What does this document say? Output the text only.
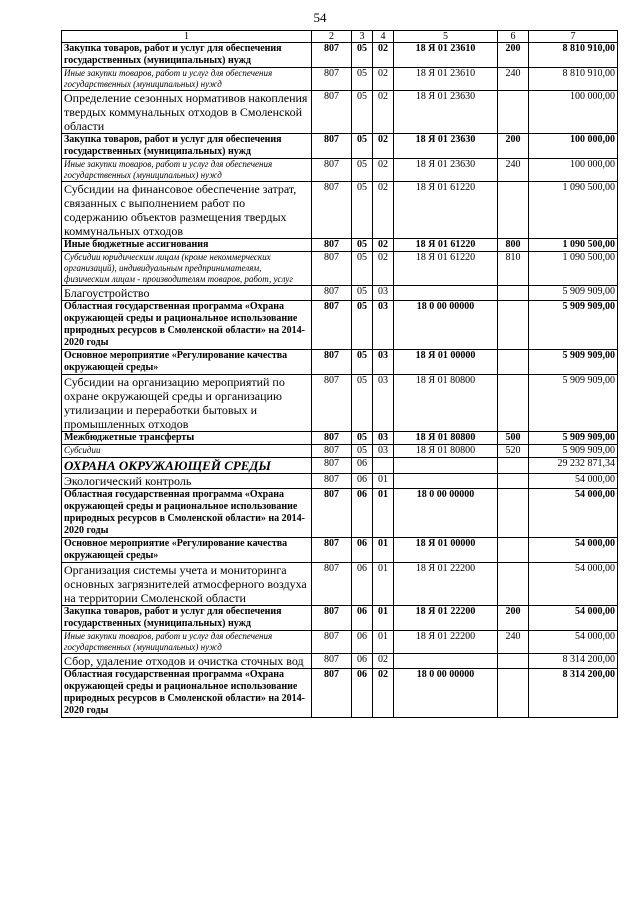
54
1	2	3	4	5	6	7
Закупка товаров, работ и услуг для обеспечения государственных (муниципальных) нужд	807	05	02	18 Я 01 23610	200	8 810 910,00
Иные закупки товаров, работ и услуг для обеспечения государственных (муниципальных) нужд	807	05	02	18 Я 01 23610	240	8 810 910,00
Определение сезонных нормативов накопления твердых коммунальных отходов в Смоленской области	807	05	02	18 Я 01 23630		100 000,00
Закупка товаров, работ и услуг для обеспечения государственных (муниципальных) нужд	807	05	02	18 Я 01 23630	200	100 000,00
Иные закупки товаров, работ и услуг для обеспечения государственных (муниципальных) нужд	807	05	02	18 Я 01 23630	240	100 000,00
Субсидии на финансовое обеспечение затрат, связанных с выполнением работ по содержанию объектов размещения твердых коммунальных отходов	807	05	02	18 Я 01 61220		1 090 500,00
Иные бюджетные ассигнования	807	05	02	18 Я 01 61220	800	1 090 500,00
Субсидии юридическим лицам (кроме некоммерческих организаций), индивидуальным предпринимателям, физическим лицам - производителям товаров, работ, услуг	807	05	02	18 Я 01 61220	810	1 090 500,00
Благоустройство	807	05	03			5 909 909,00
Областная государственная программа «Охрана окружающей среды и рациональное использование природных ресурсов в Смоленской области» на 2014-2020 годы	807	05	03	18 0 00 00000		5 909 909,00
Основное мероприятие «Регулирование качества окружающей среды»	807	05	03	18 Я 01 00000		5 909 909,00
Субсидии на организацию мероприятий по охране окружающей среды и организацию утилизации и переработки бытовых и промышленных отходов	807	05	03	18 Я 01 80800		5 909 909,00
Межбюджетные трансферты	807	05	03	18 Я 01 80800	500	5 909 909,00
Субсидии	807	05	03	18 Я 01 80800	520	5 909 909,00
ОХРАНА ОКРУЖАЮЩЕЙ СРЕДЫ	807	06				29 232 871,34
Экологический контроль	807	06	01			54 000,00
Областная государственная программа «Охрана окружающей среды и рациональное использование природных ресурсов в Смоленской области» на 2014-2020 годы	807	06	01	18 0 00 00000		54 000,00
Основное мероприятие «Регулирование качества окружающей среды»	807	06	01	18 Я 01 00000		54 000,00
Организация системы учета и мониторинга основных загрязнителей атмосферного воздуха на территории Смоленской области	807	06	01	18 Я 01 22200		54 000,00
Закупка товаров, работ и услуг для обеспечения государственных (муниципальных) нужд	807	06	01	18 Я 01 22200	200	54 000,00
Иные закупки товаров, работ и услуг для обеспечения государственных (муниципальных) нужд	807	06	01	18 Я 01 22200	240	54 000,00
Сбор, удаление отходов и очистка сточных вод	807	06	02			8 314 200,00
Областная государственная программа «Охрана окружающей среды и рациональное использование природных ресурсов в Смоленской области» на 2014-2020 годы	807	06	02	18 0 00 00000		8 314 200,00
